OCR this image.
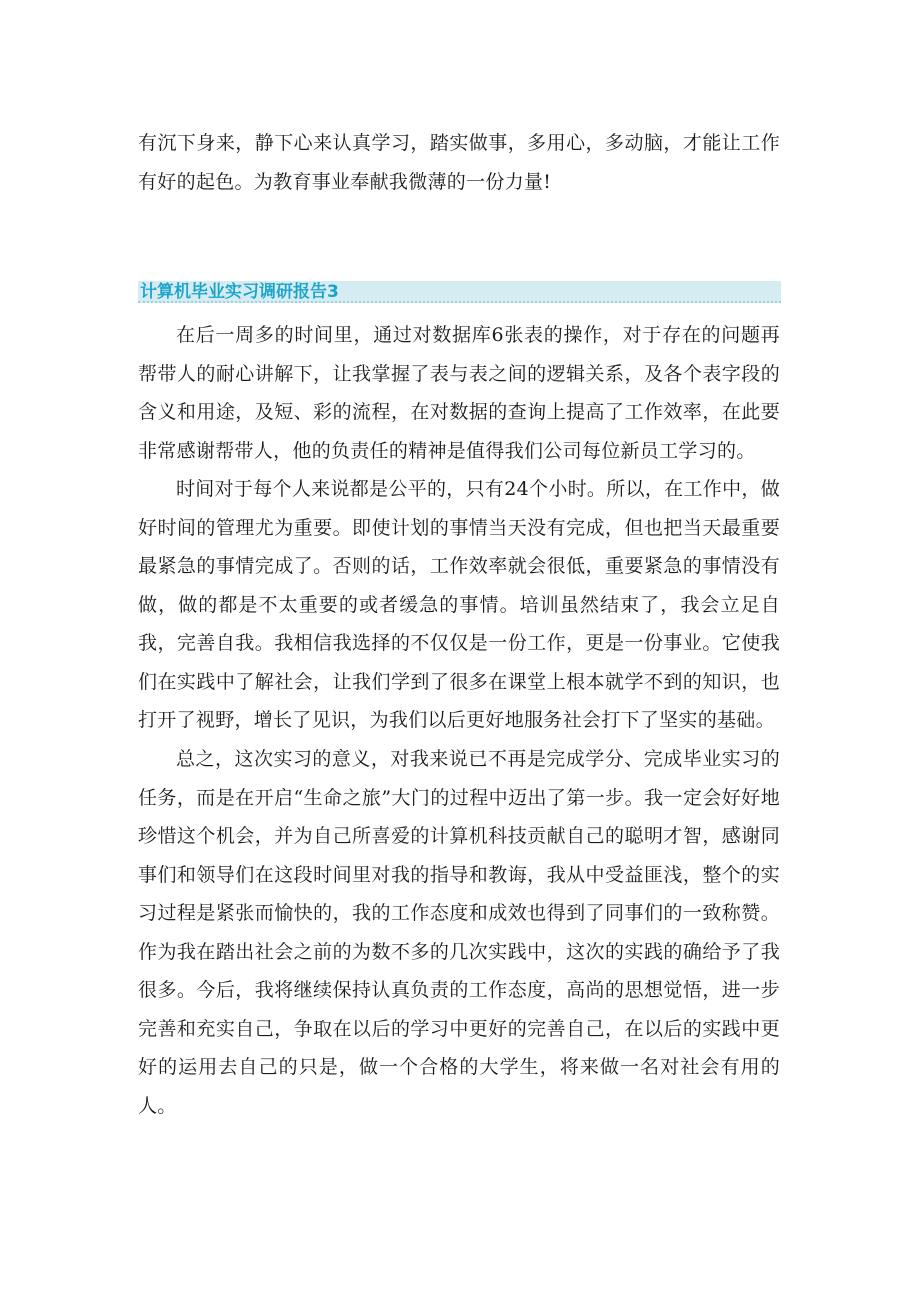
有沉下身来，静下心来认真学习，踏实做事，多用心，多动脑，才能让工作有好的起色。为教育事业奉献我微薄的一份力量!

计算机毕业实习调研报告3

在后一周多的时间里，通过对数据库6张表的操作，对于存在的问题再帮带人的耐心讲解下，让我掌握了表与表之间的逻辑关系，及各个表字段的含义和用途，及短、彩的流程，在对数据的查询上提高了工作效率，在此要非常感谢帮带人，他的负责任的精神是值得我们公司每位新员工学习的。

时间对于每个人来说都是公平的，只有24个小时。所以，在工作中，做好时间的管理尤为重要。即使计划的事情当天没有完成，但也把当天最重要最紧急的事情完成了。否则的话，工作效率就会很低，重要紧急的事情没有做，做的都是不太重要的或者缓急的事情。培训虽然结束了，我会立足自我，完善自我。我相信我选择的不仅仅是一份工作，更是一份事业。它使我们在实践中了解社会，让我们学到了很多在课堂上根本就学不到的知识，也打开了视野，增长了见识，为我们以后更好地服务社会打下了坚实的基础。

总之，这次实习的意义，对我来说已不再是完成学分、完成毕业实习的任务，而是在开启“生命之旅”大门的过程中迈出了第一步。我一定会好好地珍惜这个机会，并为自己所喜爱的计算机科技贡献自己的聪明才智，感谢同事们和领导们在这段时间里对我的指导和教诲，我从中受益匪浅，整个的实习过程是紧张而愉快的，我的工作态度和成效也得到了同事们的一致称赞。作为我在踏出社会之前的为数不多的几次实践中，这次的实践的确给予了我很多。今后，我将继续保持认真负责的工作态度，高尚的思想觉悟，进一步完善和充实自己，争取在以后的学习中更好的完善自己，在以后的实践中更好的运用去自己的只是，做一个合格的大学生，将来做一名对社会有用的人。
